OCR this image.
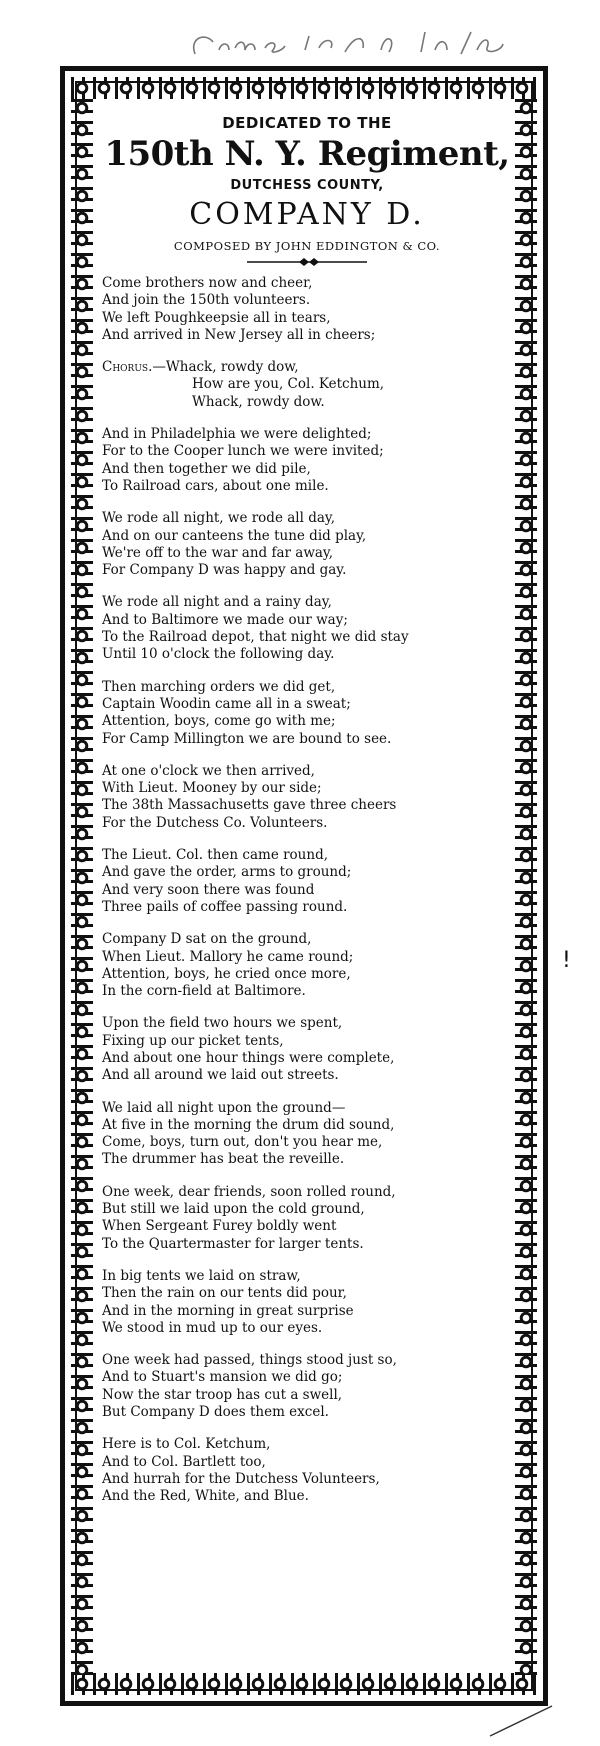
DEDICATED TO THE
150th N. Y. Regiment,
DUTCHESS COUNTY,
COMPANY D.
COMPOSED BY JOHN EDDINGTON & CO.
Come brothers now and cheer,
And join the 150th volunteers.
We left Poughkeepsie all in tears,
And arrived in New Jersey all in cheers;
Chorus.—Whack, rowdy dow,
How are you, Col. Ketchum,
Whack, rowdy dow.
And in Philadelphia we were delighted;
For to the Cooper lunch we were invited;
And then together we did pile,
To Railroad cars, about one mile.
We rode all night, we rode all day,
And on our canteens the tune did play,
We're off to the war and far away,
For Company D was happy and gay.
We rode all night and a rainy day,
And to Baltimore we made our way;
To the Railroad depot, that night we did stay
Until 10 o'clock the following day.
Then marching orders we did get,
Captain Woodin came all in a sweat;
Attention, boys, come go with me;
For Camp Millington we are bound to see.
At one o'clock we then arrived,
With Lieut. Mooney by our side;
The 38th Massachusetts gave three cheers
For the Dutchess Co. Volunteers.
The Lieut. Col. then came round,
And gave the order, arms to ground;
And very soon there was found
Three pails of coffee passing round.
Company D sat on the ground,
When Lieut. Mallory he came round;
Attention, boys, he cried once more,
In the corn-field at Baltimore.
Upon the field two hours we spent,
Fixing up our picket tents,
And about one hour things were complete,
And all around we laid out streets.
We laid all night upon the ground—
At five in the morning the drum did sound,
Come, boys, turn out, don't you hear me,
The drummer has beat the reveille.
One week, dear friends, soon rolled round,
But still we laid upon the cold ground,
When Sergeant Furey boldly went
To the Quartermaster for larger tents.
In big tents we laid on straw,
Then the rain on our tents did pour,
And in the morning in great surprise
We stood in mud up to our eyes.
One week had passed, things stood just so,
And to Stuart's mansion we did go;
Now the star troop has cut a swell,
But Company D does them excel.
Here is to Col. Ketchum,
And to Col. Bartlett too,
And hurrah for the Dutchess Volunteers,
And the Red, White, and Blue.
!
